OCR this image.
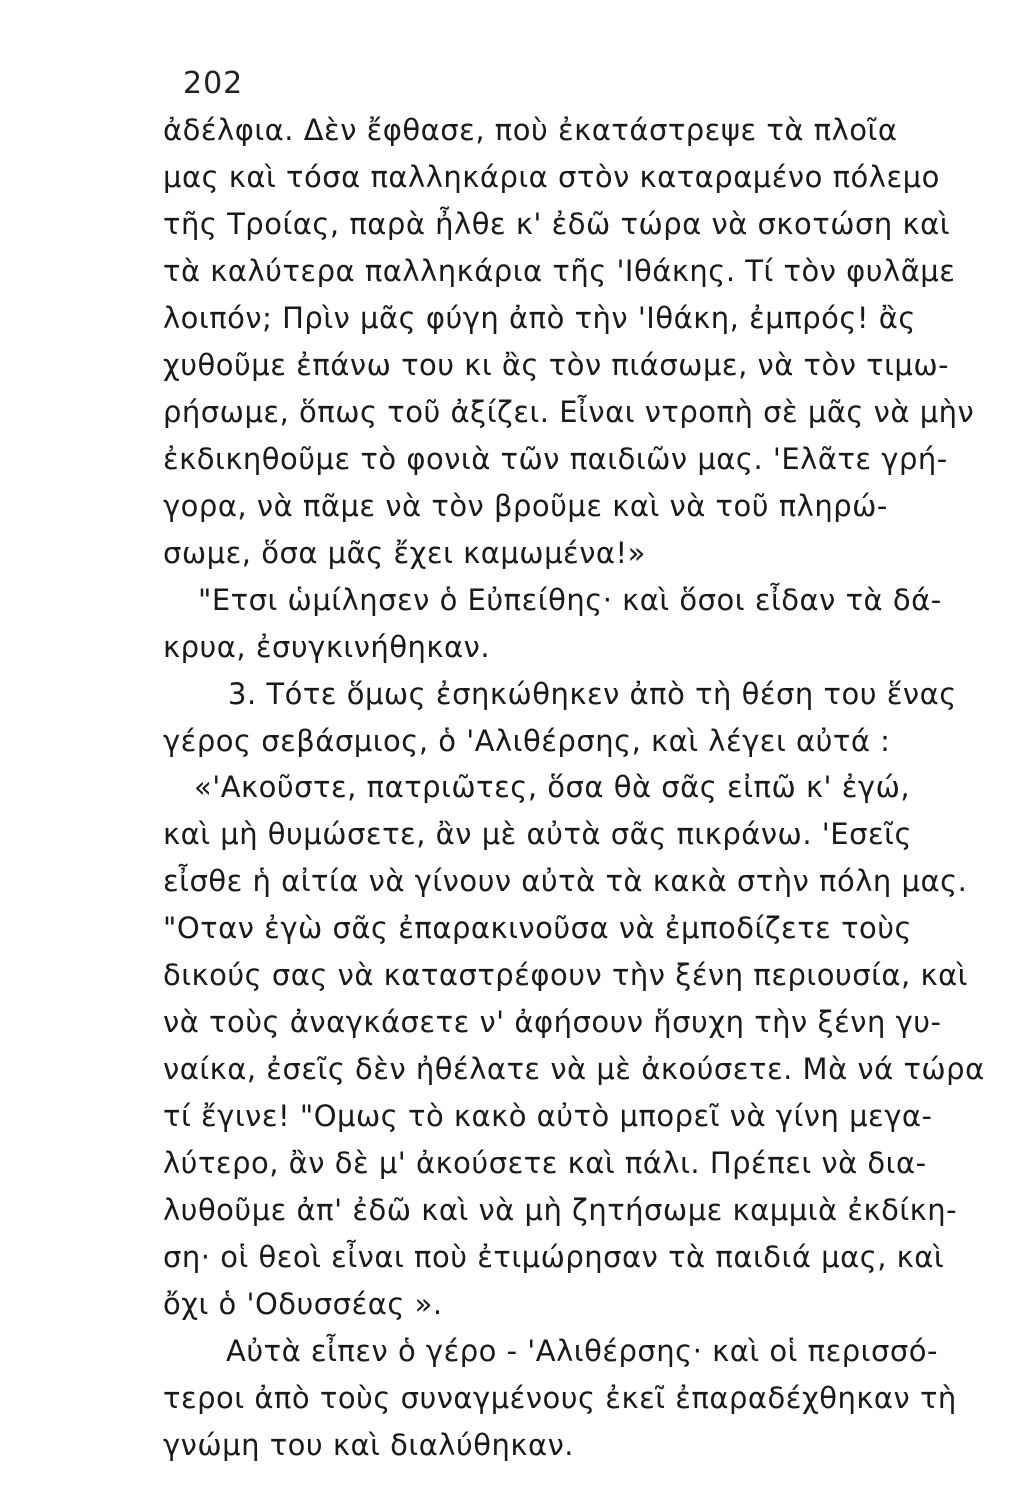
202
ἀδέλφια. Δὲν ἔφθασε, ποὺ ἐκατάστρεψε τὰ πλοῖα
μας καὶ τόσα παλληκάρια στὸν καταραμένο πόλεμο
τῆς Τροίας, παρὰ ἦλθε κ' ἐδῶ τώρα νὰ σκοτώση καὶ
τὰ καλύτερα παλληκάρια τῆς 'Ιθάκης. Τί τὸν φυλᾶμε
λοιπόν; Πρὶν μᾶς φύγη ἀπὸ τὴν 'Ιθάκη, ἐμπρός! ἂς
χυθοῦμε ἐπάνω του κι ἂς τὸν πιάσωμε, νὰ τὸν τιμω-
ρήσωμε, ὅπως τοῦ ἀξίζει. Εἶναι ντροπὴ σὲ μᾶς νὰ μὴν
ἐκδικηθοῦμε τὸ φονιὰ τῶν παιδιῶν μας. 'Ελᾶτε γρή-
γορα, νὰ πᾶμε νὰ τὸν βροῦμε καὶ νὰ τοῦ πληρώ-
σωμε, ὅσα μᾶς ἔχει καμωμένα!»
"Ετσι ὡμίλησεν ὁ Εὐπείθης· καὶ ὅσοι εἶδαν τὰ δά-
κρυα, ἐσυγκινήθηκαν.
3. Τότε ὅμως ἐσηκώθηκεν ἀπὸ τὴ θέση του ἕνας
γέρος σεβάσμιος, ὁ 'Αλιθέρσης, καὶ λέγει αὐτά :
«'Ακοῦστε, πατριῶτες, ὅσα θὰ σᾶς εἰπῶ κ' ἐγώ,
καὶ μὴ θυμώσετε, ἂν μὲ αὐτὰ σᾶς πικράνω. 'Εσεῖς
εἶσθε ἡ αἰτία νὰ γίνουν αὐτὰ τὰ κακὰ στὴν πόλη μας.
"Οταν ἐγὼ σᾶς ἐπαρακινοῦσα νὰ ἐμποδίζετε τοὺς
δικούς σας νὰ καταστρέφουν τὴν ξένη περιουσία, καὶ
νὰ τοὺς ἀναγκάσετε ν' ἀφήσουν ἥσυχη τὴν ξένη γυ-
ναίκα, ἐσεῖς δὲν ἠθέλατε νὰ μὲ ἀκούσετε. Μὰ νά τώρα
τί ἔγινε! "Ομως τὸ κακὸ αὐτὸ μπορεῖ νὰ γίνη μεγα-
λύτερο, ἂν δὲ μ' ἀκούσετε καὶ πάλι. Πρέπει νὰ δια-
λυθοῦμε ἀπ' ἐδῶ καὶ νὰ μὴ ζητήσωμε καμμιὰ ἐκδίκη-
ση· οἱ θεοὶ εἶναι ποὺ ἐτιμώρησαν τὰ παιδιά μας, καὶ
ὄχι ὁ 'Οδυσσέας ».
Αὐτὰ εἶπεν ὁ γέρο - 'Αλιθέρσης· καὶ οἱ περισσό-
τεροι ἀπὸ τοὺς συναγμένους ἐκεῖ ἐπαραδέχθηκαν τὴ
γνώμη του καὶ διαλύθηκαν.
